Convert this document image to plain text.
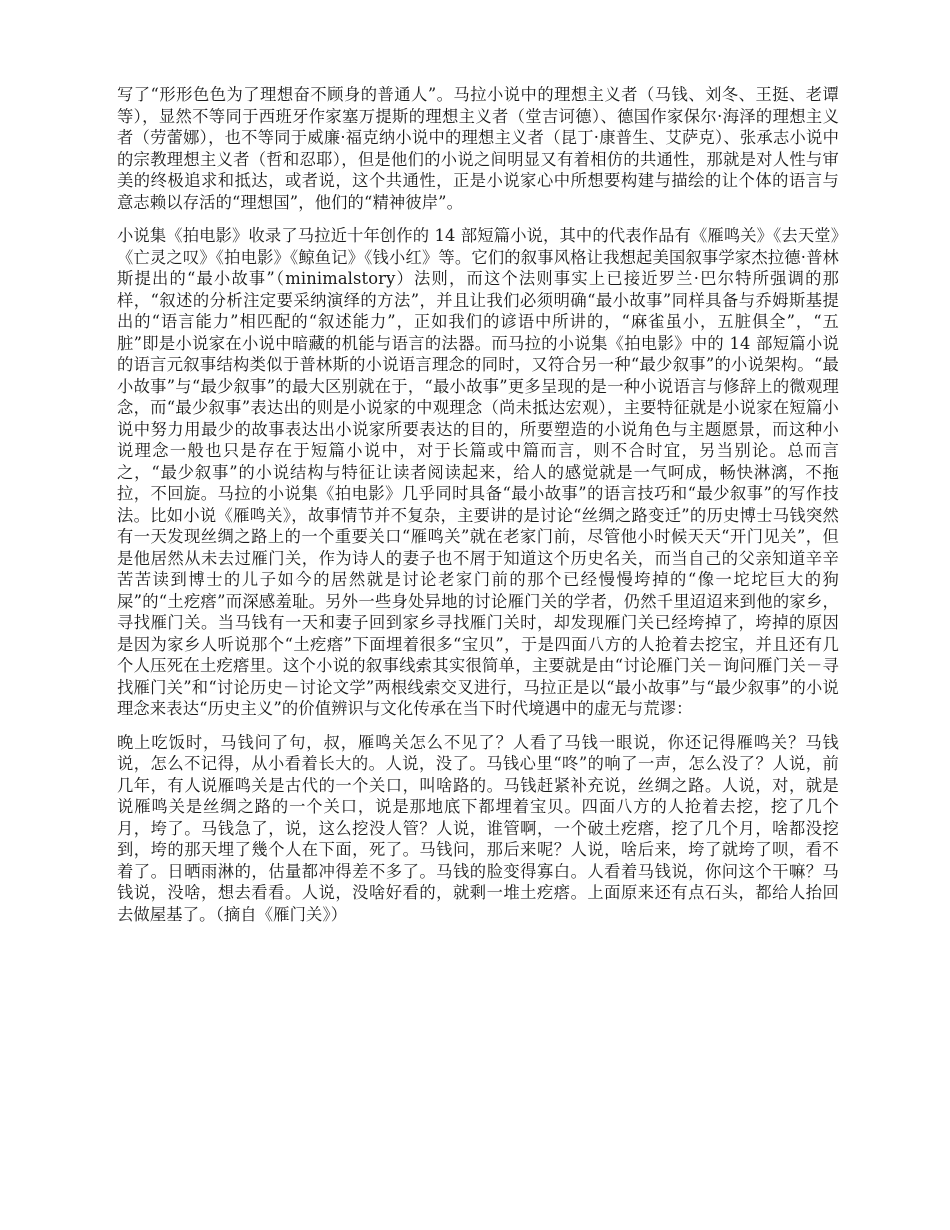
写了“形形色色为了理想奋不顾身的普通人”。马拉小说中的理想主义者（马钱、刘冬、王挺、老谭等），显然不等同于西班牙作家塞万提斯的理想主义者（堂吉诃德）、德国作家保尔·海泽的理想主义者（劳蕾娜），也不等同于威廉·福克纳小说中的理想主义者（昆丁·康普生、艾萨克）、张承志小说中的宗教理想主义者（哲和忍耶），但是他们的小说之间明显又有着相仿的共通性，那就是对人性与审美的终极追求和抵达，或者说，这个共通性，正是小说家心中所想要构建与描绘的让个体的语言与意志赖以存活的“理想国”，他们的“精神彼岸”。

小说集《拍电影》收录了马拉近十年创作的 14 部短篇小说，其中的代表作品有《雁鸣关》《去天堂》《亡灵之叹》《拍电影》《鲸鱼记》《钱小红》等。它们的叙事风格让我想起美国叙事学家杰拉德·普林斯提出的“最小故事”（minimalstory）法则，而这个法则事实上已接近罗兰·巴尔特所强调的那样，“叙述的分析注定要采纳演绎的方法”，并且让我们必须明确“最小故事”同样具备与乔姆斯基提出的“语言能力”相匹配的“叙述能力”，正如我们的谚语中所讲的，“麻雀虽小，五脏俱全”，“五脏”即是小说家在小说中暗藏的机能与语言的法器。而马拉的小说集《拍电影》中的 14 部短篇小说的语言元叙事结构类似于普林斯的小说语言理念的同时，又符合另一种“最少叙事”的小说架构。“最小故事”与“最少叙事”的最大区别就在于，“最小故事”更多呈现的是一种小说语言与修辞上的微观理念，而“最少叙事”表达出的则是小说家的中观理念（尚未抵达宏观），主要特征就是小说家在短篇小说中努力用最少的故事表达出小说家所要表达的目的，所要塑造的小说角色与主题愿景，而这种小说理念一般也只是存在于短篇小说中，对于长篇或中篇而言，则不合时宜，另当别论。总而言之，“最少叙事”的小说结构与特征让读者阅读起来，给人的感觉就是一气呵成，畅快淋漓，不拖拉，不回旋。马拉的小说集《拍电影》几乎同时具备“最小故事”的语言技巧和“最少叙事”的写作技法。比如小说《雁鸣关》，故事情节并不复杂，主要讲的是讨论“丝绸之路变迁”的历史博士马钱突然有一天发现丝绸之路上的一个重要关口“雁鸣关”就在老家门前，尽管他小时候天天“开门见关”，但是他居然从未去过雁门关，作为诗人的妻子也不屑于知道这个历史名关，而当自己的父亲知道辛辛苦苦读到博士的儿子如今的居然就是讨论老家门前的那个已经慢慢垮掉的“像一坨坨巨大的狗屎”的“土疙瘩”而深感羞耻。另外一些身处异地的讨论雁门关的学者，仍然千里迢迢来到他的家乡，寻找雁门关。当马钱有一天和妻子回到家乡寻找雁门关时，却发现雁门关已经垮掉了，垮掉的原因是因为家乡人听说那个“土疙瘩”下面埋着很多“宝贝”，于是四面八方的人抢着去挖宝，并且还有几个人压死在土疙瘩里。这个小说的叙事线索其实很简单，主要就是由“讨论雁门关－询问雁门关－寻找雁门关”和“讨论历史－讨论文学”两根线索交叉进行，马拉正是以“最小故事”与“最少叙事”的小说理念来表达“历史主义”的价值辨识与文化传承在当下时代境遇中的虚无与荒谬：

晚上吃饭时，马钱问了句，叔，雁鸣关怎么不见了？人看了马钱一眼说，你还记得雁鸣关？马钱说，怎么不记得，从小看着长大的。人说，没了。马钱心里“咚”的响了一声，怎么没了？人说，前几年，有人说雁鸣关是古代的一个关口，叫啥路的。马钱赶紧补充说，丝绸之路。人说，对，就是说雁鸣关是丝绸之路的一个关口，说是那地底下都埋着宝贝。四面八方的人抢着去挖，挖了几个月，垮了。马钱急了，说，这么挖没人管？人说，谁管啊，一个破土疙瘩，挖了几个月，啥都没挖到，垮的那天埋了幾个人在下面，死了。马钱问，那后来呢？人说，啥后来，垮了就垮了呗，看不着了。日晒雨淋的，估量都冲得差不多了。马钱的脸变得寡白。人看着马钱说，你问这个干嘛？马钱说，没啥，想去看看。人说，没啥好看的，就剩一堆土疙瘩。上面原来还有点石头，都给人抬回去做屋基了。（摘自《雁门关》）
